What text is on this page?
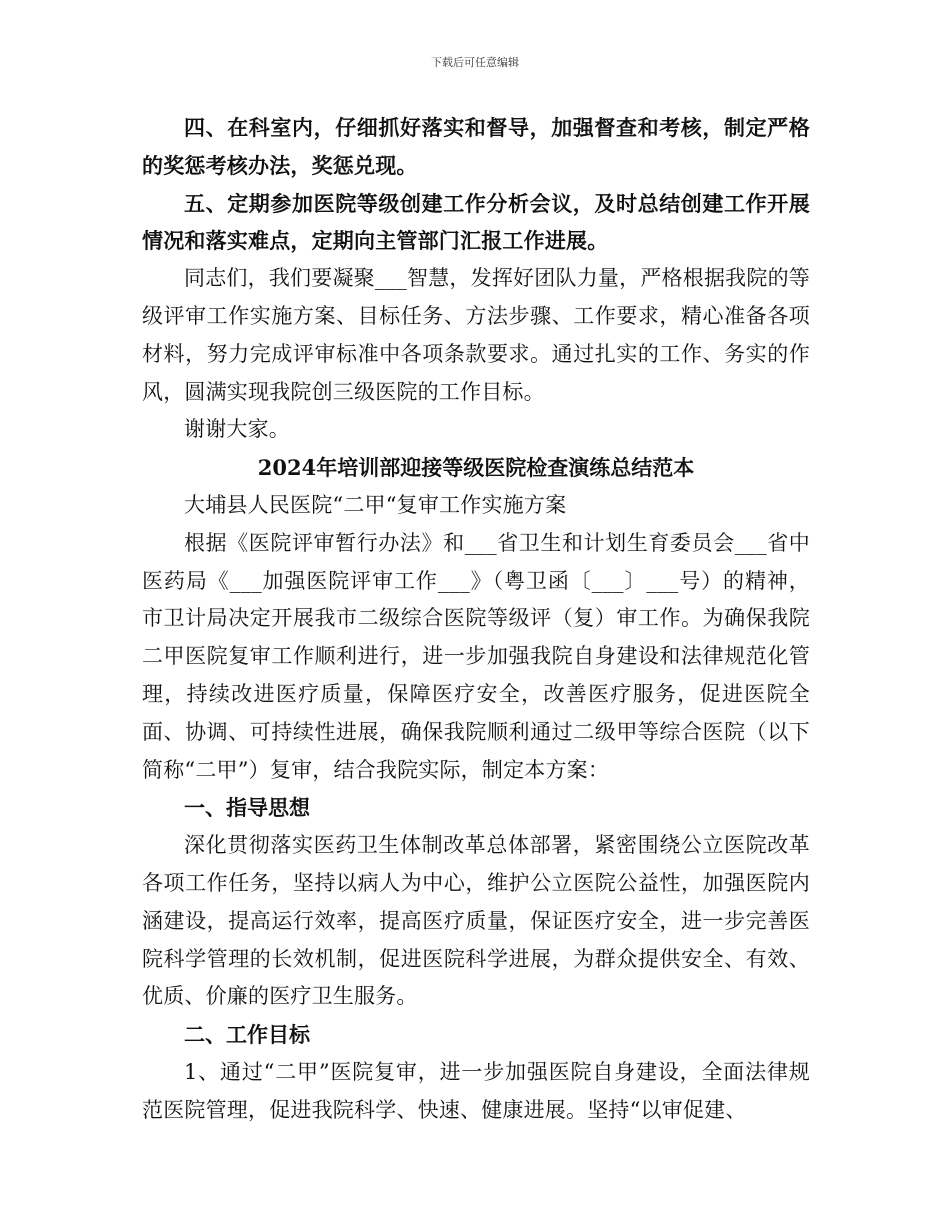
下载后可任意编辑

四、在科室内，仔细抓好落实和督导，加强督查和考核，制定严格的奖惩考核办法，奖惩兑现。

五、定期参加医院等级创建工作分析会议，及时总结创建工作开展情况和落实难点，定期向主管部门汇报工作进展。

同志们，我们要凝聚___智慧，发挥好团队力量，严格根据我院的等级评审工作实施方案、目标任务、方法步骤、工作要求，精心准备各项材料，努力完成评审标准中各项条款要求。通过扎实的工作、务实的作风，圆满实现我院创三级医院的工作目标。

谢谢大家。

2024年培训部迎接等级医院检查演练总结范本

大埔县人民医院“二甲“复审工作实施方案

根据《医院评审暂行办法》和___省卫生和计划生育委员会___省中医药局《___加强医院评审工作___》（粤卫函〔___〕___号）的精神，市卫计局决定开展我市二级综合医院等级评（复）审工作。为确保我院二甲医院复审工作顺利进行，进一步加强我院自身建设和法律规范化管理，持续改进医疗质量，保障医疗安全，改善医疗服务，促进医院全面、协调、可持续性进展，确保我院顺利通过二级甲等综合医院（以下简称“二甲”）复审，结合我院实际，制定本方案：

一、指导思想

深化贯彻落实医药卫生体制改革总体部署，紧密围绕公立医院改革各项工作任务，坚持以病人为中心，维护公立医院公益性，加强医院内涵建设，提高运行效率，提高医疗质量，保证医疗安全，进一步完善医院科学管理的长效机制，促进医院科学进展，为群众提供安全、有效、优质、价廉的医疗卫生服务。

二、工作目标

1、通过“二甲”医院复审，进一步加强医院自身建设，全面法律规范医院管理，促进我院科学、快速、健康进展。坚持“以审促建、
